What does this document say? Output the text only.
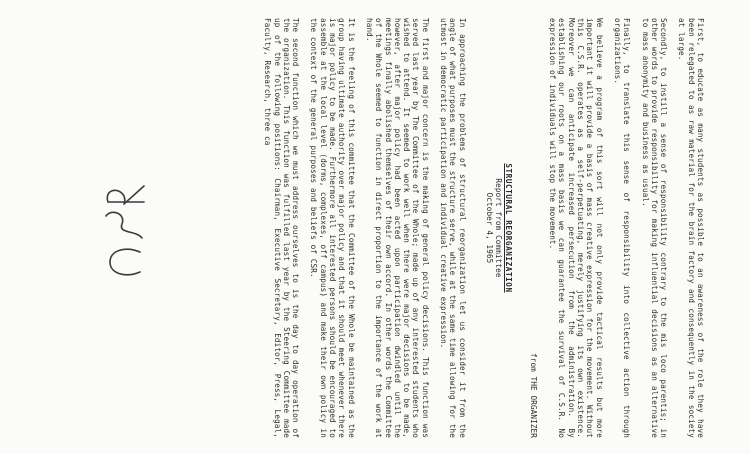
First, to educate as many students as possible to an awareness of the role they have been relegated to as raw material for the brain factory and consequently in the society at large.

Secondly, to instill a sense of responsibility contrary to the mis loco parentis; in other words to provide responsibility for making influential decisions as an alternative to mass anonymity and business as usual.

Finally, to translate this sense of responsibility into collective action through organizations.

We believe a program of this sort will not only provide tactical results but more important it will provide a basis of mass creative expression for the movement. Without this C.S.R. operates as a self-perpetuating, merely justifying its own existence. Moreover we can anticipate increased persecution from the administration. By establishing our roots on a mass basis we can guarantee the survival of C.S.R. No expression of individuals will stop the movement.

from THE ORGANIZER
STRUCTURAL REORGANIZATION
Report from Committee
October 4, 1965

In approaching the problems of structural reorganization let us consider it from the angle of what purposes must the structure serve, while at the same time allowing for the utmost in democratic participation and individual creative expression.

The first and major concern is the making of general policy decisions. This function was served last year by The Committee of the Whole; made up of any interested students who wished to attend. It seemed to work well when there were major decisions to be made, however, after major policy had been acted upon participation dwindled until the meetings finally abolished themselves of their own accord. In other words the Committee of the Whole seemed to function in direct proportion to the importance of the work at hand.

It is the feeling of this committee that the Committee of the Whole be maintained as the group having ultimate authority over major policy and that it should meet whenever there is major policy to be made. Furthermore all interested persons should be encouraged to assemble at the local level (dorms, complexes, off campus) and make their own policy in the context of the general purposes and beliefs of CSR.

The second function which we must address ourselves to is the day to day operation of the organization. This function was fulfilled last year by the Steering Committee made up of the following positions: Chairman, Executive Secretary, Editor, Press, Legal, Faculty, Research, three ca
